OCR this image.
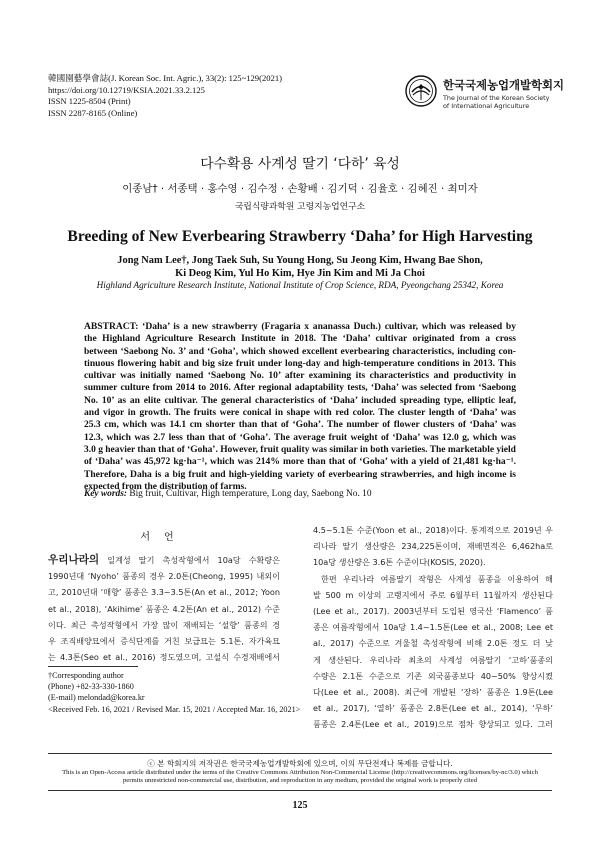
韓國園藝學會誌(J. Korean Soc. Int. Agric.), 33(2): 125~129(2021)
https://doi.org/10.12719/KSIA.2021.33.2.125
ISSN 1225-8504 (Print)
ISSN 2287-8165 (Online)
한국국제농업개발학회지
The Journal of the Korean Society
of International Agriculture
다수확용 사계성 딸기 ‘다하’ 육성
이종남† · 서종택 · 홍수영 · 김수정 · 손황배 · 김기덕 · 김율호 · 김혜진 · 최미자
국립식량과학원 고령지농업연구소
Breeding of New Everbearing Strawberry ‘Daha’ for High Harvesting
Jong Nam Lee†, Jong Taek Suh, Su Young Hong, Su Jeong Kim, Hwang Bae Shon,
Ki Deog Kim, Yul Ho Kim, Hye Jin Kim and Mi Ja Choi
Highland Agriculture Research Institute, National Institute of Crop Science, RDA, Pyeongchang 25342, Korea
ABSTRACT: ‘Daha’ is a new strawberry (Fragaria x ananassa Duch.) cultivar, which was released by
the Highland Agriculture Research Institute in 2018. The ‘Daha’ cultivar originated from a cross
between ‘Saebong No. 3’ and ‘Goha’, which showed excellent everbearing characteristics, including con-
tinuous flowering habit and big size fruit under long-day and high-temperature conditions in 2013. This
cultivar was initially named ‘Saebong No. 10’ after examining its characteristics and productivity in
summer culture from 2014 to 2016. After regional adaptability tests, ‘Daha’ was selected from ‘Saebong
No. 10’ as an elite cultivar. The general characteristics of ‘Daha’ included spreading type, elliptic leaf,
and vigor in growth. The fruits were conical in shape with red color. The cluster length of ‘Daha’ was
25.3 cm, which was 14.1 cm shorter than that of ‘Goha’. The number of flower clusters of ‘Daha’ was
12.3, which was 2.7 less than that of ‘Goha’. The average fruit weight of ‘Daha’ was 12.0 g, which was
3.0 g heavier than that of ‘Goha’. However, fruit quality was similar in both varieties. The marketable yield
of ‘Daha’ was 45,972 kg·ha⁻¹, which was 214% more than that of ‘Goha’ with a yield of 21,481 kg·ha⁻¹.
Therefore, Daha is a big fruit and high-yielding variety of everbearing strawberries, and high income is
expected from the distribution of farms.
Key words: Big fruit, Cultivar, High temperature, Long day, Saebong No. 10
서언
우리나라의 일계성 딸기 촉성작형에서 10a당 수확량은
1990년대 ‘Nyoho’ 품종의 경우 2.0톤(Cheong, 1995) 내외이
고, 2010년대 ‘매향’ 품종은 3.3~3.5톤(An et al., 2012; Yoon
et al., 2018), ‘Akihime’ 품종은 4.2톤(An et al., 2012) 수준
이다. 최근 촉성작형에서 가장 많이 재배되는 ‘설향’ 품종의 경
우 조직배양묘에서 증식단계를 거친 보급묘는 5.1톤, 자가육묘
는 4.3톤(Seo et al., 2016) 정도였으며, 고설식 수경재배에서
†Corresponding author
(Phone) +82-33-330-1860
(E-mail) melondad@korea.kr
<Received Feb. 16, 2021 / Revised Mar. 15, 2021 / Accepted Mar. 16, 2021>
4.5~5.1톤 수준(Yoon et al., 2018)이다. 통계적으로 2019년 우
리나라 딸기 생산량은 234,225톤이며, 재배면적은 6,462ha로
10a당 생산량은 3.6톤 수준이다(KOSIS, 2020).
한편 우리나라 여름딸기 작형은 사계성 품종을 이용하여 해
발 500 m 이상의 고랭지에서 주로 6월부터 11월까지 생산된다
(Lee et al., 2017). 2003년부터 도입된 영국산 ‘Flamenco’ 품
종은 여름작형에서 10a당 1.4~1.5톤(Lee et al., 2008; Lee et
al., 2017) 수준으로 겨울철 촉성작형에 비해 2.0톤 정도 더 낮
게 생산된다. 우리나라 최초의 사계성 여름딸기 ‘고하’품종의
수량은 2.1톤 수준으로 기존 외국품종보다 40~50% 향상시켰
다(Lee et al., 2008). 최근에 개발된 ‘장하’ 품종은 1.9톤(Lee
et al., 2017), ‘열하’ 품종은 2.8톤(Lee et al., 2014), ‘무하’
품종은 2.4톤(Lee et al., 2019)으로 점차 향상되고 있다. 그러
ⓒ 본 학회지의 저작권은 한국국제농업개발학회에 있으며, 이의 무단전재나 복제를 금합니다.
This is an Open-Access article distributed under the terms of the Creative Commons Attribution Non-Commercial License (http://creativecommons.org/licenses/by-nc/3.0) which
permits unrestricted non-commercial use, distribution, and reproduction in any medium, provided the original work is properly cited
125
